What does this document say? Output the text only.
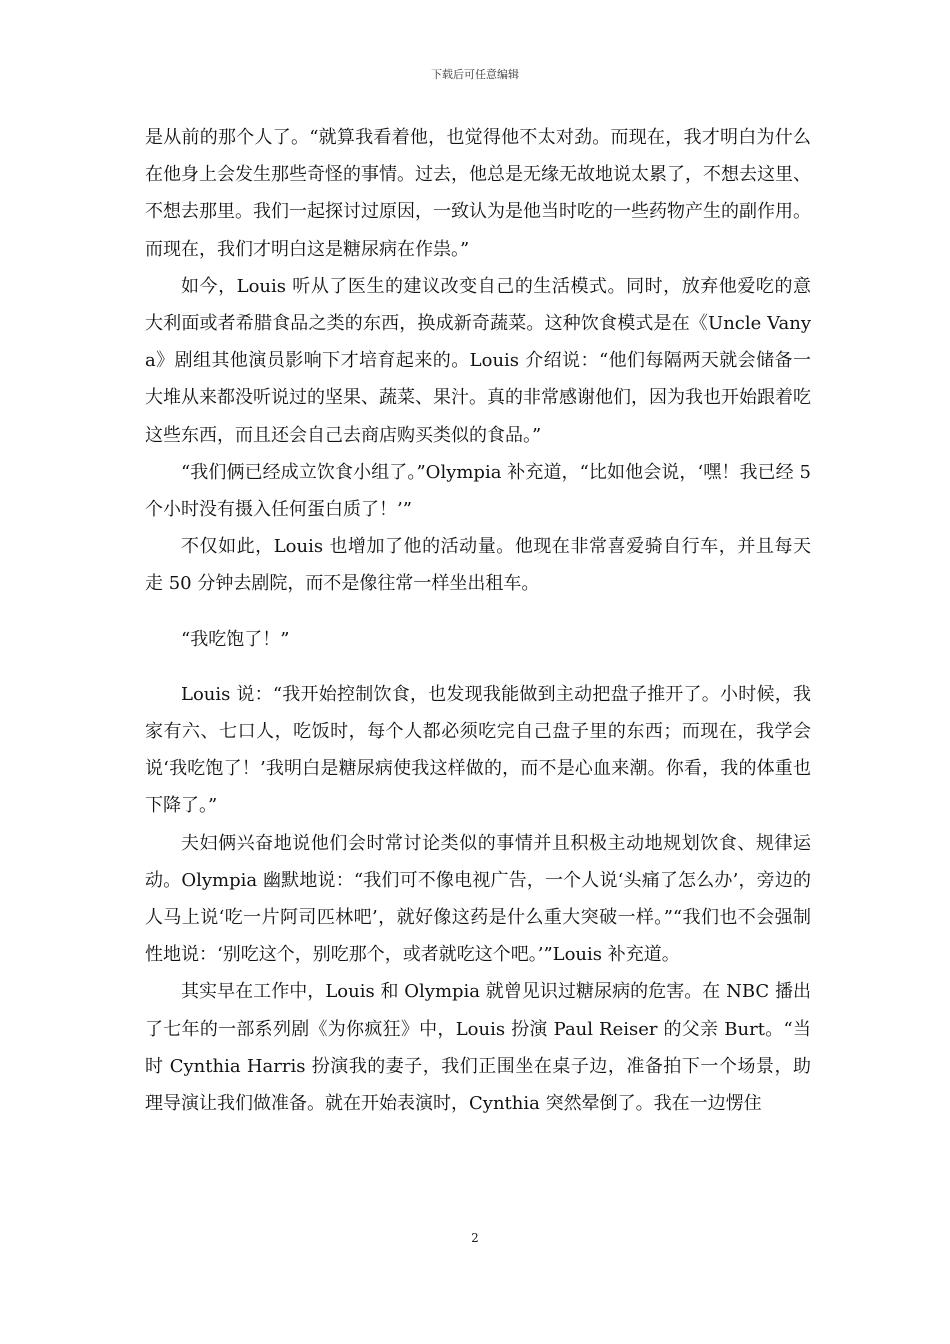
下载后可任意编辑

是从前的那个人了。“就算我看着他，也觉得他不太对劲。而现在，我才明白为什么在他身上会发生那些奇怪的事情。过去，他总是无缘无故地说太累了，不想去这里、不想去那里。我们一起探讨过原因，一致认为是他当时吃的一些药物产生的副作用。而现在，我们才明白这是糖尿病在作祟。”

如今，Louis 听从了医生的建议改变自己的生活模式。同时，放弃他爱吃的意大利面或者希腊食品之类的东西，换成新奇蔬菜。这种饮食模式是在《Uncle Vanya》剧组其他演员影响下才培育起来的。Louis 介绍说：“他们每隔两天就会储备一大堆从来都没听说过的坚果、蔬菜、果汁。真的非常感谢他们，因为我也开始跟着吃这些东西，而且还会自己去商店购买类似的食品。”

“我们俩已经成立饮食小组了。”Olympia 补充道，“比如他会说，‘嘿！我已经 5 个小时没有摄入任何蛋白质了！’”

不仅如此，Louis 也增加了他的活动量。他现在非常喜爱骑自行车，并且每天走 50 分钟去剧院，而不是像往常一样坐出租车。

“我吃饱了！”

Louis 说：“我开始控制饮食，也发现我能做到主动把盘子推开了。小时候，我家有六、七口人，吃饭时，每个人都必须吃完自己盘子里的东西；而现在，我学会说‘我吃饱了！’我明白是糖尿病使我这样做的，而不是心血来潮。你看，我的体重也下降了。”

夫妇俩兴奋地说他们会时常讨论类似的事情并且积极主动地规划饮食、规律运动。Olympia 幽默地说：“我们可不像电视广告，一个人说‘头痛了怎么办’，旁边的人马上说‘吃一片阿司匹林吧’，就好像这药是什么重大突破一样。”“我们也不会强制性地说：‘别吃这个，别吃那个，或者就吃这个吧。’”Louis 补充道。

其实早在工作中，Louis 和 Olympia 就曾见识过糖尿病的危害。在 NBC 播出了七年的一部系列剧《为你疯狂》中，Louis 扮演 Paul Reiser 的父亲 Burt。“当时 Cynthia Harris 扮演我的妻子，我们正围坐在桌子边，准备拍下一个场景，助理导演让我们做准备。就在开始表演时，Cynthia 突然晕倒了。我在一边愣住

2
